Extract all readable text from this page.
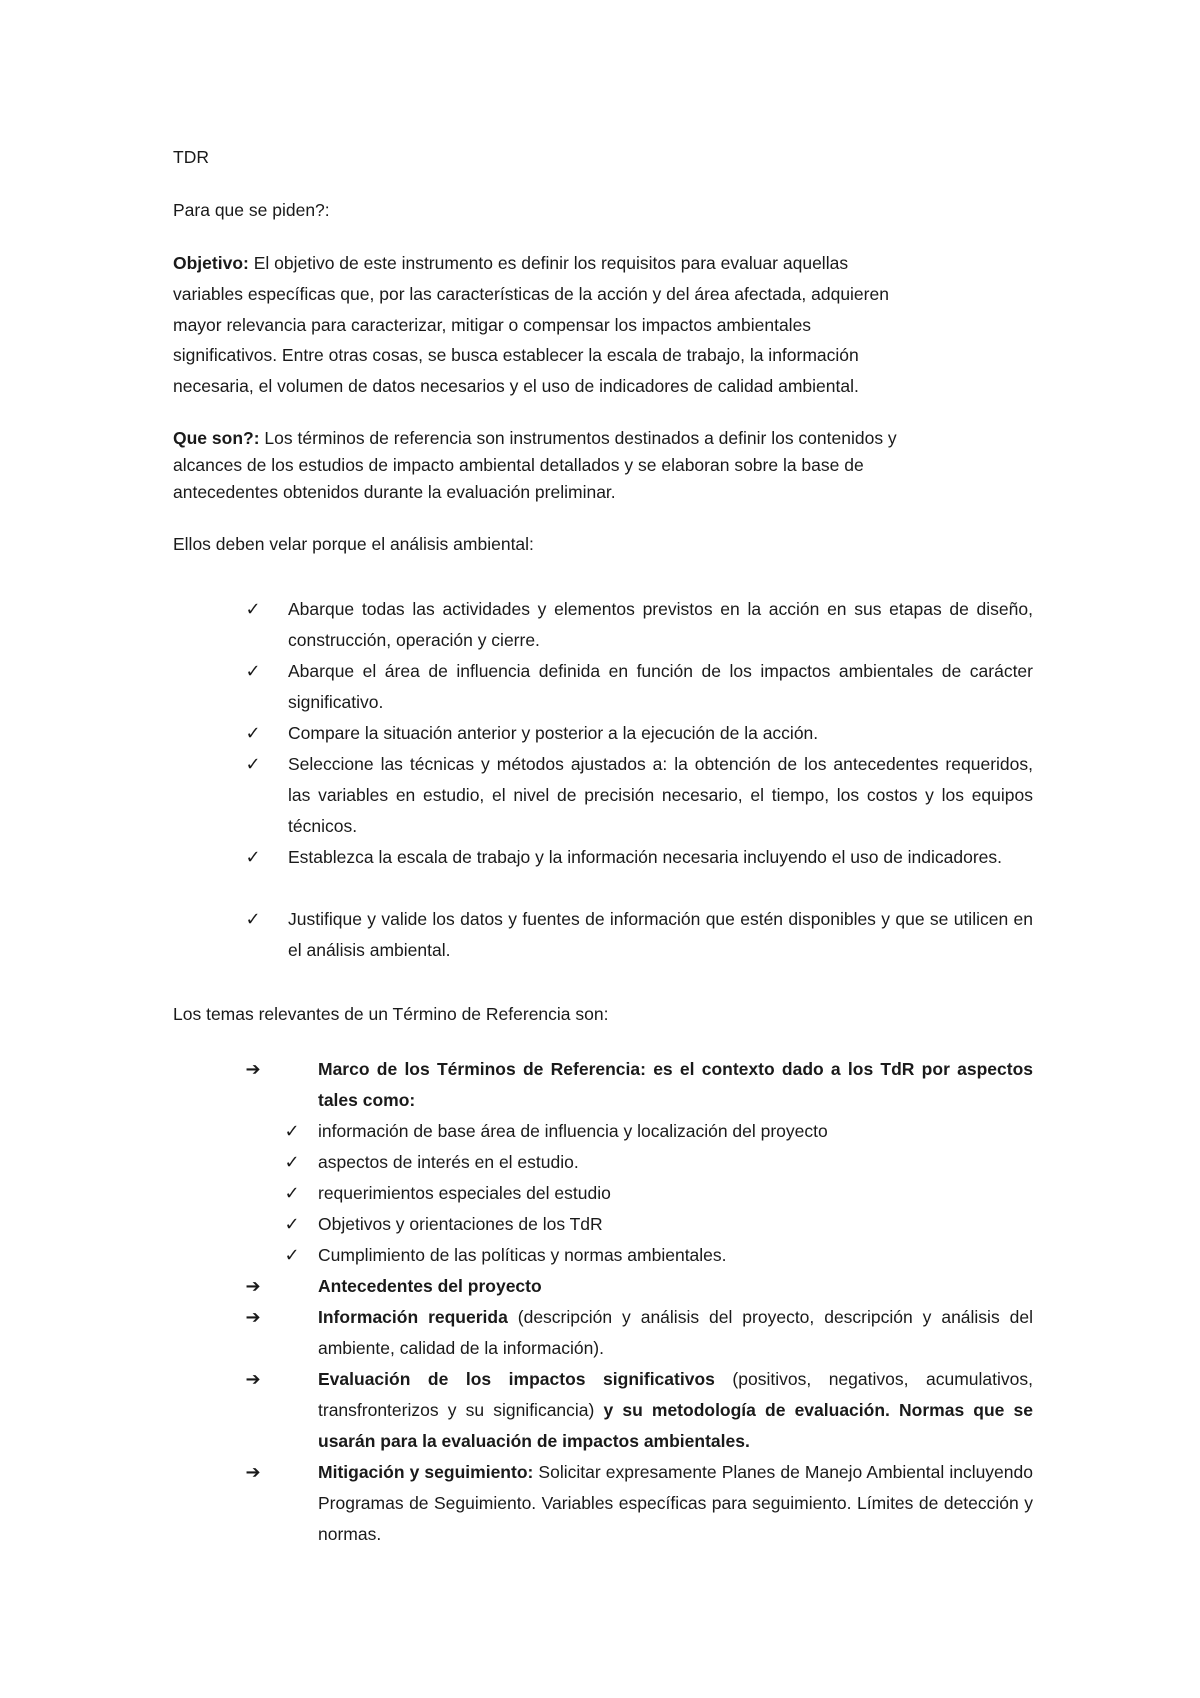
TDR
Para que se piden?:
Objetivo: El objetivo de este instrumento es definir los requisitos para evaluar aquellas
variables específicas que, por las características de la acción y del área afectada, adquieren
mayor relevancia para caracterizar, mitigar o compensar los impactos ambientales
significativos. Entre otras cosas, se busca establecer la escala de trabajo, la información
necesaria, el volumen de datos necesarios y el uso de indicadores de calidad ambiental.
Que son?: Los términos de referencia son instrumentos destinados a definir los contenidos y
alcances de los estudios de impacto ambiental detallados y se elaboran sobre la base de
antecedentes obtenidos durante la evaluación preliminar.
Ellos deben velar porque el análisis ambiental:
✓ Abarque todas las actividades y elementos previstos en la acción en sus etapas de diseño, construcción, operación y cierre.
✓ Abarque el área de influencia definida en función de los impactos ambientales de carácter significativo.
✓ Compare la situación anterior y posterior a la ejecución de la acción.
✓ Seleccione las técnicas y métodos ajustados a: la obtención de los antecedentes requeridos, las variables en estudio, el nivel de precisión necesario, el tiempo, los costos y los equipos técnicos.
✓ Establezca la escala de trabajo y la información necesaria incluyendo el uso de indicadores.
✓ Justifique y valide los datos y fuentes de información que estén disponibles y que se utilicen en el análisis ambiental.
Los temas relevantes de un Término de Referencia son:
➔	Marco de los Términos de Referencia: es el contexto dado a los TdR por aspectos tales como:
✓ información de base área de influencia y localización del proyecto
✓ aspectos de interés en el estudio.
✓ requerimientos especiales del estudio
✓ Objetivos y orientaciones de los TdR
✓ Cumplimiento de las políticas y normas ambientales.
➔	Antecedentes del proyecto
➔	Información requerida (descripción y análisis del proyecto, descripción y análisis del ambiente, calidad de la información).
➔	Evaluación de los impactos significativos (positivos, negativos, acumulativos, transfronterizos y su significancia) y su metodología de evaluación. Normas que se usarán para la evaluación de impactos ambientales.
➔	Mitigación y seguimiento: Solicitar expresamente Planes de Manejo Ambiental incluyendo Programas de Seguimiento. Variables específicas para seguimiento. Límites de detección y normas.
